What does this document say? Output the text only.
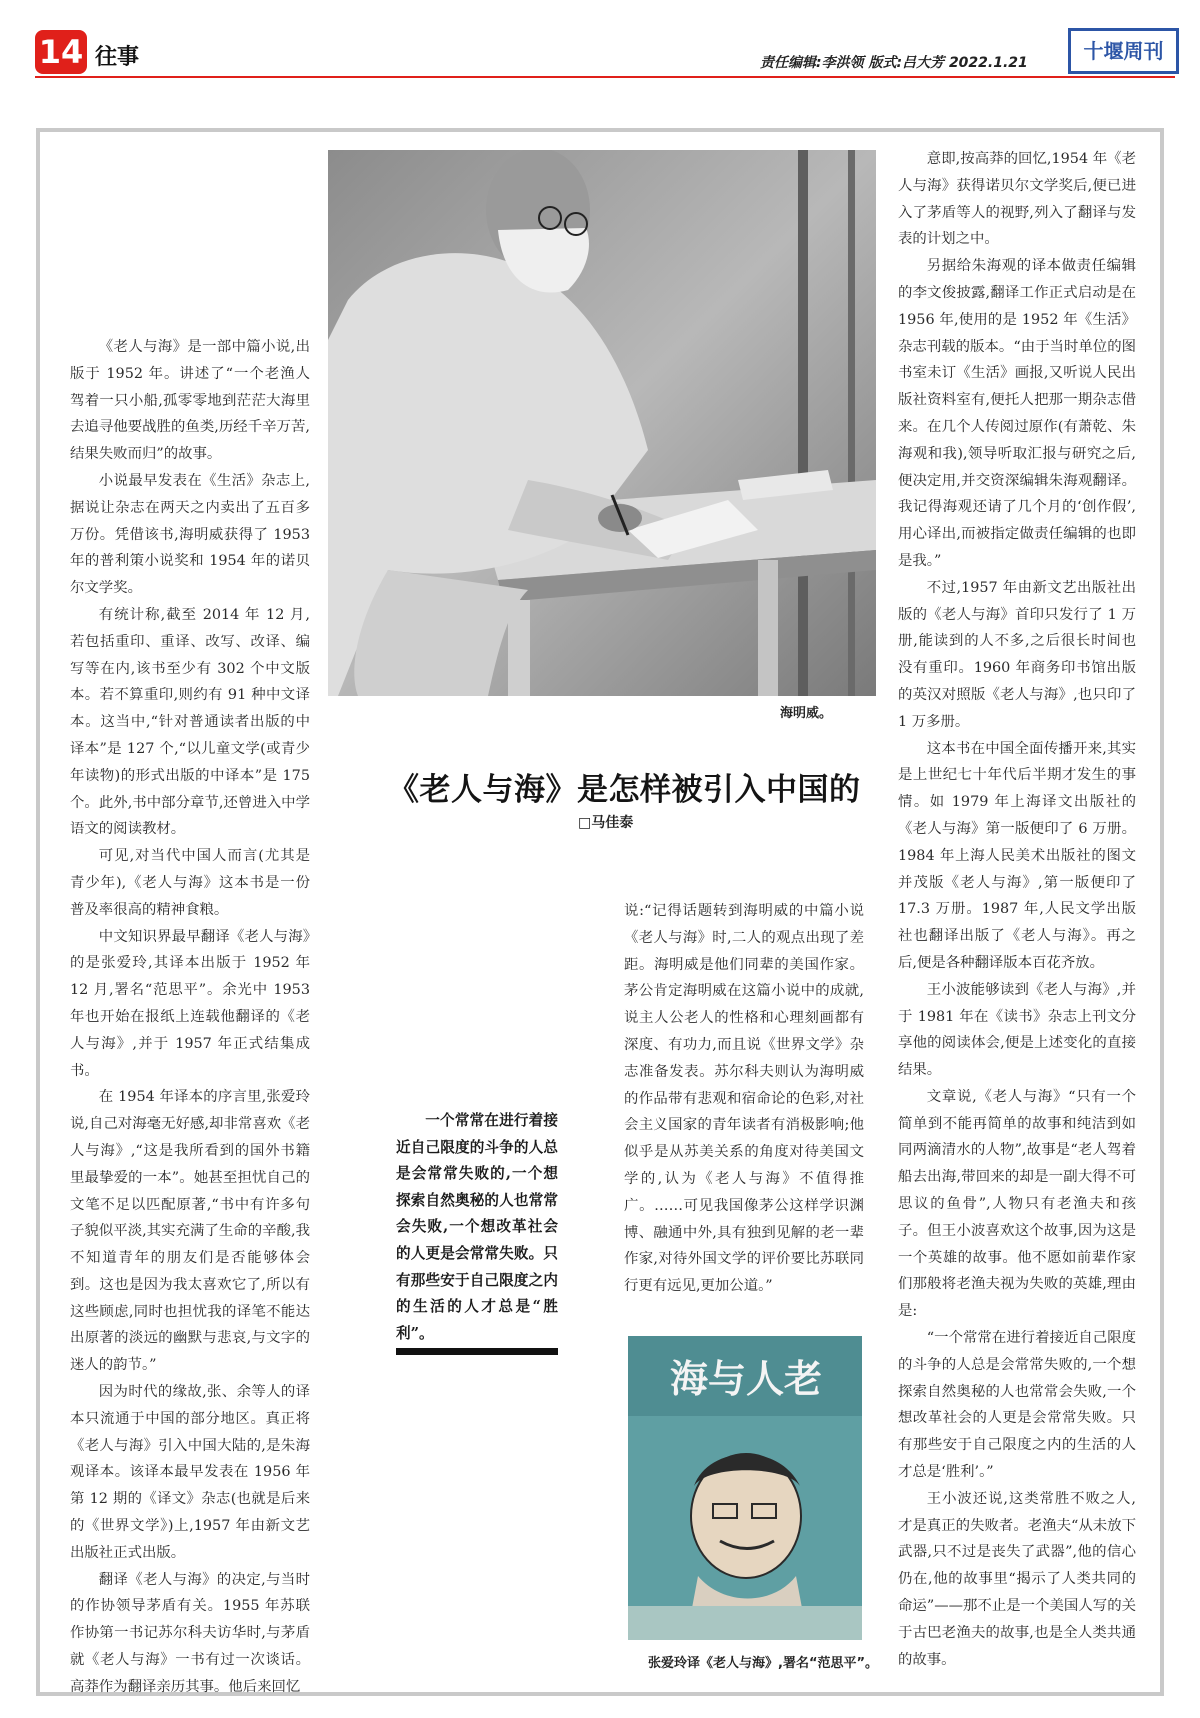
14 往事	责任编辑:李洪领 版式:吕大芳 2022.1.21	十堰周刊

《老人与海》是一部中篇小说,出版于 1952 年。讲述了“一个老渔人驾着一只小船,孤零零地到茫茫大海里去追寻他要战胜的鱼类,历经千辛万苦,结果失败而归”的故事。

小说最早发表在《生活》杂志上,据说让杂志在两天之内卖出了五百多万份。凭借该书,海明威获得了 1953 年的普利策小说奖和 1954 年的诺贝尔文学奖。

有统计称,截至 2014 年 12 月,若包括重印、重译、改写、改译、编写等在内,该书至少有 302 个中文版本。若不算重印,则约有 91 种中文译本。这当中,“针对普通读者出版的中译本”是 127 个,“以儿童文学(或青少年读物)的形式出版的中译本”是 175 个。此外,书中部分章节,还曾进入中学语文的阅读教材。

可见,对当代中国人而言(尤其是青少年),《老人与海》这本书是一份普及率很高的精神食粮。

中文知识界最早翻译《老人与海》的是张爱玲,其译本出版于 1952 年 12 月,署名“范思平”。余光中 1953 年也开始在报纸上连载他翻译的《老人与海》,并于 1957 年正式结集成书。

在 1954 年译本的序言里,张爱玲说,自己对海毫无好感,却非常喜欢《老人与海》,“这是我所看到的国外书籍里最挚爱的一本”。她甚至担忧自己的文笔不足以匹配原著,“书中有许多句子貌似平淡,其实充满了生命的辛酸,我不知道青年的朋友们是否能够体会到。这也是因为我太喜欢它了,所以有这些顾虑,同时也担忧我的译笔不能达出原著的淡远的幽默与悲哀,与文字的迷人的韵节。”

因为时代的缘故,张、余等人的译本只流通于中国的部分地区。真正将《老人与海》引入中国大陆的,是朱海观译本。该译本最早发表在 1956 年第 12 期的《译文》杂志(也就是后来的《世界文学》)上,1957 年由新文艺出版社正式出版。

翻译《老人与海》的决定,与当时的作协领导茅盾有关。1955 年苏联作协第一书记苏尔科夫访华时,与茅盾就《老人与海》一书有过一次谈话。高莽作为翻译亲历其事。他后来回忆

海明威。
《老人与海》是怎样被引入中国的
□马佳泰

一个常常在进行着接近自己限度的斗争的人总是会常常失败的,一个想探索自然奥秘的人也常常会失败,一个想改革社会的人更是会常常失败。只有那些安于自己限度之内的生活的人才总是“胜利”。

说:“记得话题转到海明威的中篇小说《老人与海》时,二人的观点出现了差距。海明威是他们同辈的美国作家。茅公肯定海明威在这篇小说中的成就,说主人公老人的性格和心理刻画都有深度、有功力,而且说《世界文学》杂志准备发表。苏尔科夫则认为海明威的作品带有悲观和宿命论的色彩,对社会主义国家的青年读者有消极影响;他似乎是从苏美关系的角度对待美国文学的,认为《老人与海》不值得推广。……可见我国像茅公这样学识渊博、融通中外,具有独到见解的老一辈作家,对待外国文学的评价要比苏联同行更有远见,更加公道。”

海与人老
张爱玲译《老人与海》,署名“范思平”。

意即,按高莽的回忆,1954 年《老人与海》获得诺贝尔文学奖后,便已进入了茅盾等人的视野,列入了翻译与发表的计划之中。

另据给朱海观的译本做责任编辑的李文俊披露,翻译工作正式启动是在 1956 年,使用的是 1952 年《生活》杂志刊载的版本。“由于当时单位的图书室未订《生活》画报,又听说人民出版社资料室有,便托人把那一期杂志借来。在几个人传阅过原作(有萧乾、朱海观和我),领导听取汇报与研究之后,便决定用,并交资深编辑朱海观翻译。我记得海观还请了几个月的‘创作假’,用心译出,而被指定做责任编辑的也即是我。”

不过,1957 年由新文艺出版社出版的《老人与海》首印只发行了 1 万册,能读到的人不多,之后很长时间也没有重印。1960 年商务印书馆出版的英汉对照版《老人与海》,也只印了 1 万多册。

这本书在中国全面传播开来,其实是上世纪七十年代后半期才发生的事情。如 1979 年上海译文出版社的《老人与海》第一版便印了 6 万册。1984 年上海人民美术出版社的图文并茂版《老人与海》,第一版便印了 17.3 万册。1987 年,人民文学出版社也翻译出版了《老人与海》。再之后,便是各种翻译版本百花齐放。

王小波能够读到《老人与海》,并于 1981 年在《读书》杂志上刊文分享他的阅读体会,便是上述变化的直接结果。

文章说,《老人与海》“只有一个简单到不能再简单的故事和纯洁到如同两滴清水的人物”,故事是“老人驾着船去出海,带回来的却是一副大得不可思议的鱼骨”,人物只有老渔夫和孩子。但王小波喜欢这个故事,因为这是一个英雄的故事。他不愿如前辈作家们那般将老渔夫视为失败的英雄,理由是:

“一个常常在进行着接近自己限度的斗争的人总是会常常失败的,一个想探索自然奥秘的人也常常会失败,一个想改革社会的人更是会常常失败。只有那些安于自己限度之内的生活的人才总是‘胜利’。”

王小波还说,这类常胜不败之人,才是真正的失败者。老渔夫“从未放下武器,只不过是丧失了武器”,他的信心仍在,他的故事里“揭示了人类共同的命运”——那不止是一个美国人写的关于古巴老渔夫的故事,也是全人类共通的故事。
